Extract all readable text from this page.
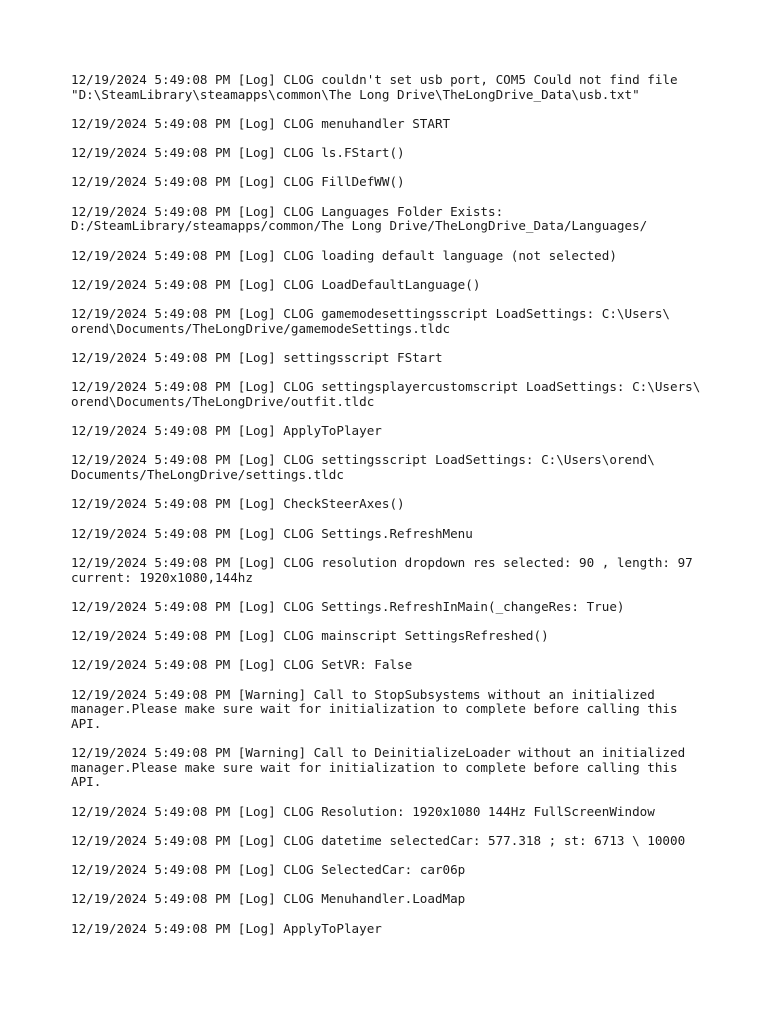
12/19/2024 5:49:08 PM [Log] CLOG couldn't set usb port, COM5 Could not find file
"D:\SteamLibrary\steamapps\common\The Long Drive\TheLongDrive_Data\usb.txt"
12/19/2024 5:49:08 PM [Log] CLOG menuhandler START
12/19/2024 5:49:08 PM [Log] CLOG ls.FStart()
12/19/2024 5:49:08 PM [Log] CLOG FillDefWW()
12/19/2024 5:49:08 PM [Log] CLOG Languages Folder Exists:
D:/SteamLibrary/steamapps/common/The Long Drive/TheLongDrive_Data/Languages/
12/19/2024 5:49:08 PM [Log] CLOG loading default language (not selected)
12/19/2024 5:49:08 PM [Log] CLOG LoadDefaultLanguage()
12/19/2024 5:49:08 PM [Log] CLOG gamemodesettingsscript LoadSettings: C:\Users\
orend\Documents/TheLongDrive/gamemodeSettings.tldc
12/19/2024 5:49:08 PM [Log] settingsscript FStart
12/19/2024 5:49:08 PM [Log] CLOG settingsplayercustomscript LoadSettings: C:\Users\
orend\Documents/TheLongDrive/outfit.tldc
12/19/2024 5:49:08 PM [Log] ApplyToPlayer
12/19/2024 5:49:08 PM [Log] CLOG settingsscript LoadSettings: C:\Users\orend\
Documents/TheLongDrive/settings.tldc
12/19/2024 5:49:08 PM [Log] CheckSteerAxes()
12/19/2024 5:49:08 PM [Log] CLOG Settings.RefreshMenu
12/19/2024 5:49:08 PM [Log] CLOG resolution dropdown res selected: 90 , length: 97
current: 1920x1080,144hz
12/19/2024 5:49:08 PM [Log] CLOG Settings.RefreshInMain(_changeRes: True)
12/19/2024 5:49:08 PM [Log] CLOG mainscript SettingsRefreshed()
12/19/2024 5:49:08 PM [Log] CLOG SetVR: False
12/19/2024 5:49:08 PM [Warning] Call to StopSubsystems without an initialized
manager.Please make sure wait for initialization to complete before calling this
API.
12/19/2024 5:49:08 PM [Warning] Call to DeinitializeLoader without an initialized
manager.Please make sure wait for initialization to complete before calling this
API.
12/19/2024 5:49:08 PM [Log] CLOG Resolution: 1920x1080 144Hz FullScreenWindow
12/19/2024 5:49:08 PM [Log] CLOG datetime selectedCar: 577.318 ; st: 6713 \ 10000
12/19/2024 5:49:08 PM [Log] CLOG SelectedCar: car06p
12/19/2024 5:49:08 PM [Log] CLOG Menuhandler.LoadMap
12/19/2024 5:49:08 PM [Log] ApplyToPlayer
